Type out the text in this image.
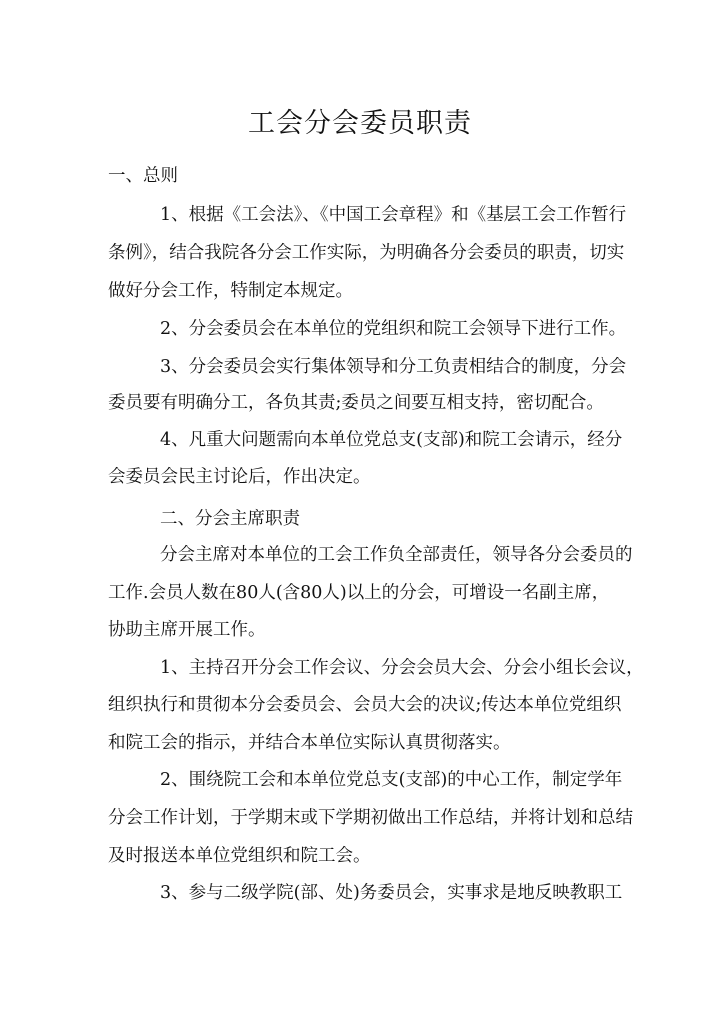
工会分会委员职责
一、总则
1、根据《工会法》、《中国工会章程》和《基层工会工作暂行
条例》，结合我院各分会工作实际，为明确各分会委员的职责，切实
做好分会工作，特制定本规定。
2、分会委员会在本单位的党组织和院工会领导下进行工作。
3、分会委员会实行集体领导和分工负责相结合的制度，分会
委员要有明确分工，各负其责;委员之间要互相支持，密切配合。
4、凡重大问题需向本单位党总支(支部)和院工会请示，经分
会委员会民主讨论后，作出决定。
二、分会主席职责
分会主席对本单位的工会工作负全部责任，领导各分会委员的
工作.会员人数在80人(含80人)以上的分会，可增设一名副主席，
协助主席开展工作。
1、主持召开分会工作会议、分会会员大会、分会小组长会议，
组织执行和贯彻本分会委员会、会员大会的决议;传达本单位党组织
和院工会的指示，并结合本单位实际认真贯彻落实。
2、围绕院工会和本单位党总支(支部)的中心工作，制定学年
分会工作计划，于学期末或下学期初做出工作总结，并将计划和总结
及时报送本单位党组织和院工会。
3、参与二级学院(部、处)务委员会，实事求是地反映教职工
